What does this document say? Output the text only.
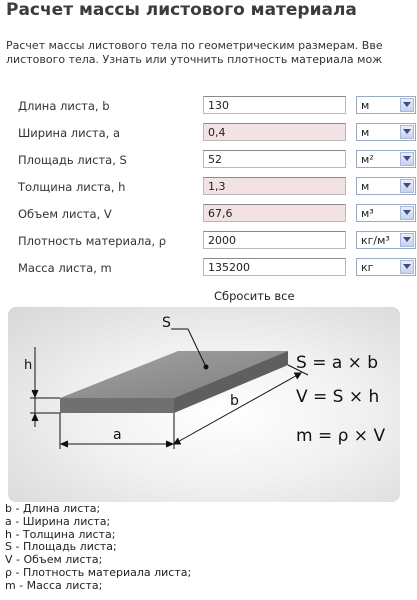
Расчет массы листового материала
Расчет массы листового тела по геометрическим размерам. Вве
листового тела. Узнать или уточнить плотность материала мож
Длина листа, b
130	м
Ширина листа, a
0,4	м
Площадь листа, S
52	м²
Толщина листа, h
1,3	м
Объем листа, V
67,6	м³
Плотность материала, ρ
2000	кг/м³
Масса листа, m
135200	кг
Сбросить все
h
a
b
S
S = a × b
V = S × h
m = ρ × V
b - Длина листа;
a - Ширина листа;
h - Толщина листа;
S - Площадь листа;
V - Объем листа;
ρ - Плотность материала листа;
m - Масса листа;
